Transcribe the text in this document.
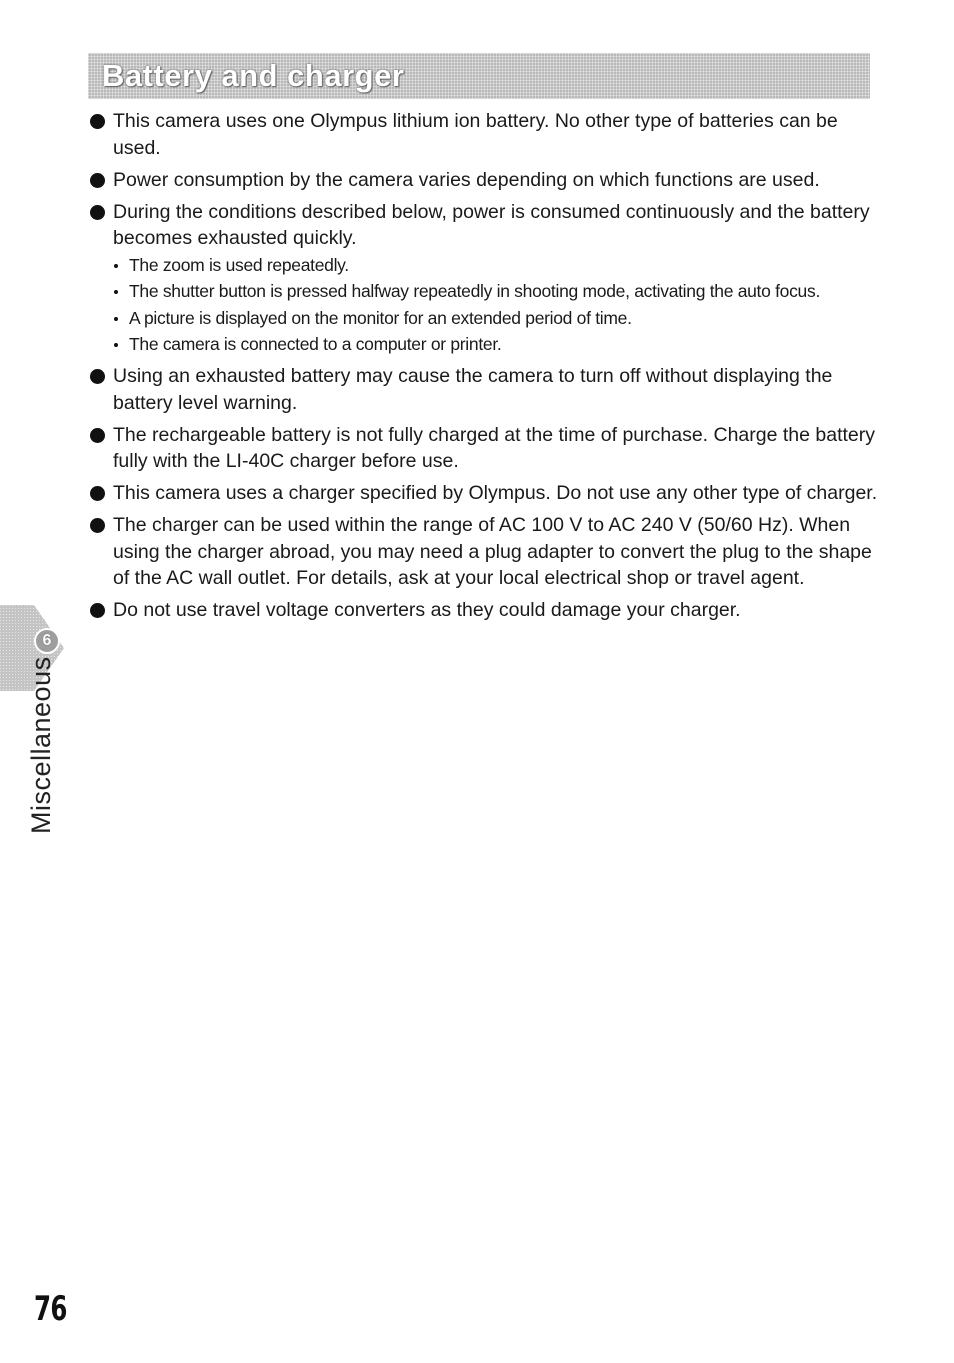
6
Miscellaneous
Battery and charger
This camera uses one Olympus lithium ion battery. No other type of batteries can be used.
Power consumption by the camera varies depending on which functions are used.
During the conditions described below, power is consumed continuously and the battery becomes exhausted quickly.
The zoom is used repeatedly.
The shutter button is pressed halfway repeatedly in shooting mode, activating the auto focus.
A picture is displayed on the monitor for an extended period of time.
The camera is connected to a computer or printer.
Using an exhausted battery may cause the camera to turn off without displaying the battery level warning.
The rechargeable battery is not fully charged at the time of purchase. Charge the battery fully with the LI-40C charger before use.
This camera uses a charger specified by Olympus. Do not use any other type of charger.
The charger can be used within the range of AC 100 V to AC 240 V (50/60 Hz). When using the charger abroad, you may need a plug adapter to convert the plug to the shape of the AC wall outlet. For details, ask at your local electrical shop or travel agent.
Do not use travel voltage converters as they could damage your charger.
76
